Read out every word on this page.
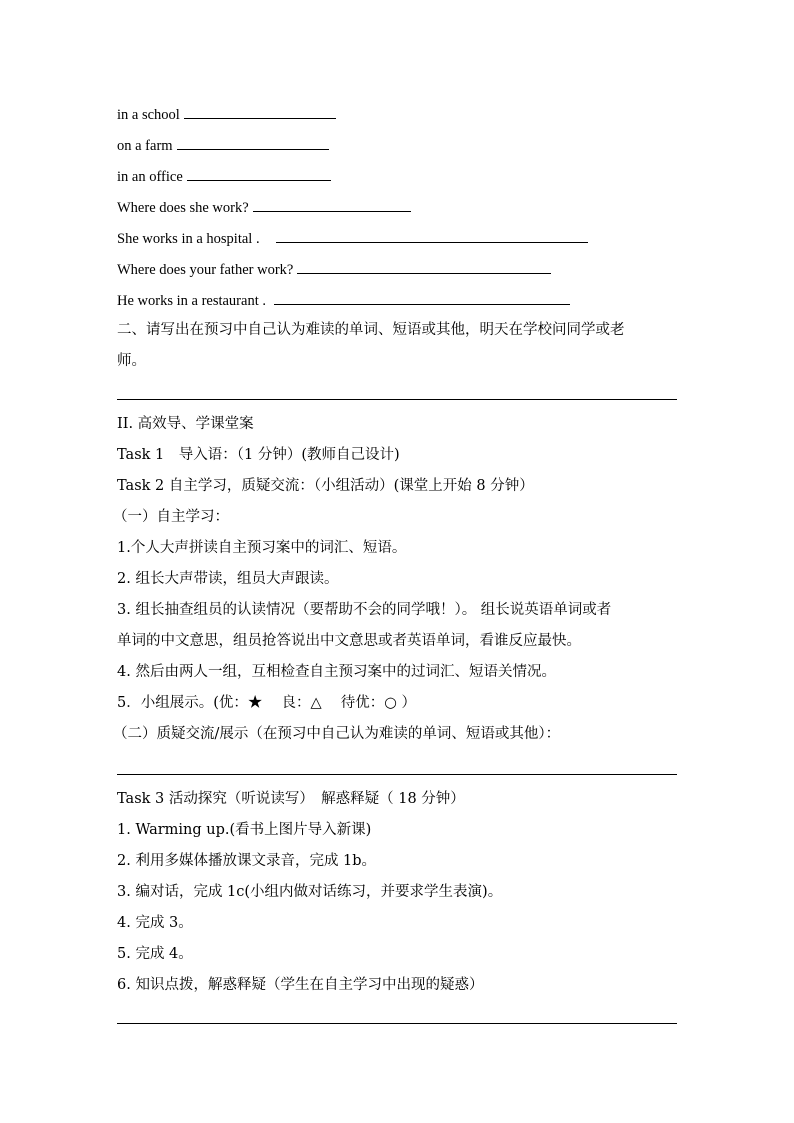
in a school
on a farm
in an office
Where does she work?
She works in a hospital .
Where does your father work?
He works in a restaurant .
二、请写出在预习中自己认为难读的单词、短语或其他，明天在学校问同学或老
师。
II. 高效导、学课堂案
Task 1　导入语：（1 分钟）(教师自己设计)
Task 2 自主学习，质疑交流：（小组活动）(课堂上开始 8 分钟）
（一）自主学习：
1.个人大声拼读自主预习案中的词汇、短语。
2. 组长大声带读，组员大声跟读。
3. 组长抽查组员的认读情况（要帮助不会的同学哦！）。 组长说英语单词或者
单词的中文意思，组员抢答说出中文意思或者英语单词，看谁反应最快。
4. 然后由两人一组，互相检查自主预习案中的过词汇、短语关情况。
5．小组展示。(优：★　 良：△　 待优：○ ）
（二）质疑交流/展示（在预习中自己认为难读的单词、短语或其他）：
Task 3 活动探究（听说读写）　解惑释疑（ 18 分钟）
1. Warming up.(看书上图片导入新课)
2. 利用多媒体播放课文录音，完成 1b。
3. 编对话，完成 1c(小组内做对话练习，并要求学生表演)。
4. 完成 3。
5. 完成 4。
6. 知识点拨，解惑释疑（学生在自主学习中出现的疑惑）
